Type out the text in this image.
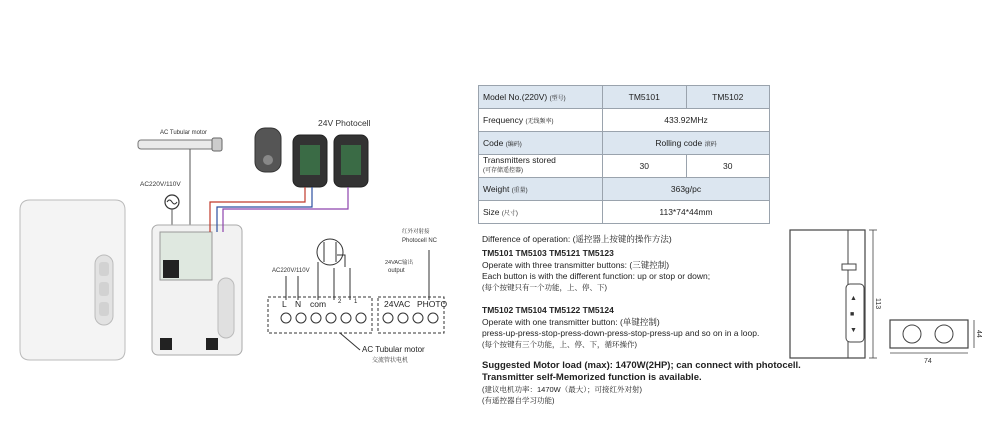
AC Tubular motor
AC220V/110V
24V Photocell
红外对射接
Photocell NC
AC220V/110V
24VAC输出
output
L N com 2 1	24VAC PHOTO
AC Tubular motor
交流管状电机
Model No.(220V) (型号)	TM5101	TM5102
Frequency (无线频率)	433.92MHz	
Code (编码)	Rolling code 滚码	
Transmitters stored
(可存储遥控器)	30	30
Weight (重量)	363g/pc	
Size (尺寸)	113*74*44mm	
Difference of operation: (遥控器上按键的操作方法)
TM5101 TM5103 TM5121 TM5123
Operate with three transmitter buttons: (三键控制)
Each button is with the different function: up or stop or down;
(每个按键只有一个功能，上、停、下)
TM5102 TM5104 TM5122 TM5124
Operate with one transmitter button: (单键控制)
press-up-press-stop-press-down-press-stop-press-up and so on in a loop.
(每个按键有三个功能，上、停、下，循环操作)
Suggested Motor load (max): 1470W(2HP); can connect with photocell.
Transmitter self-Memorized function is available.
(建议电机功率：1470W（最大）；可接红外对射)
(有遥控器自学习功能)
▲
■
▼
113
74
44
